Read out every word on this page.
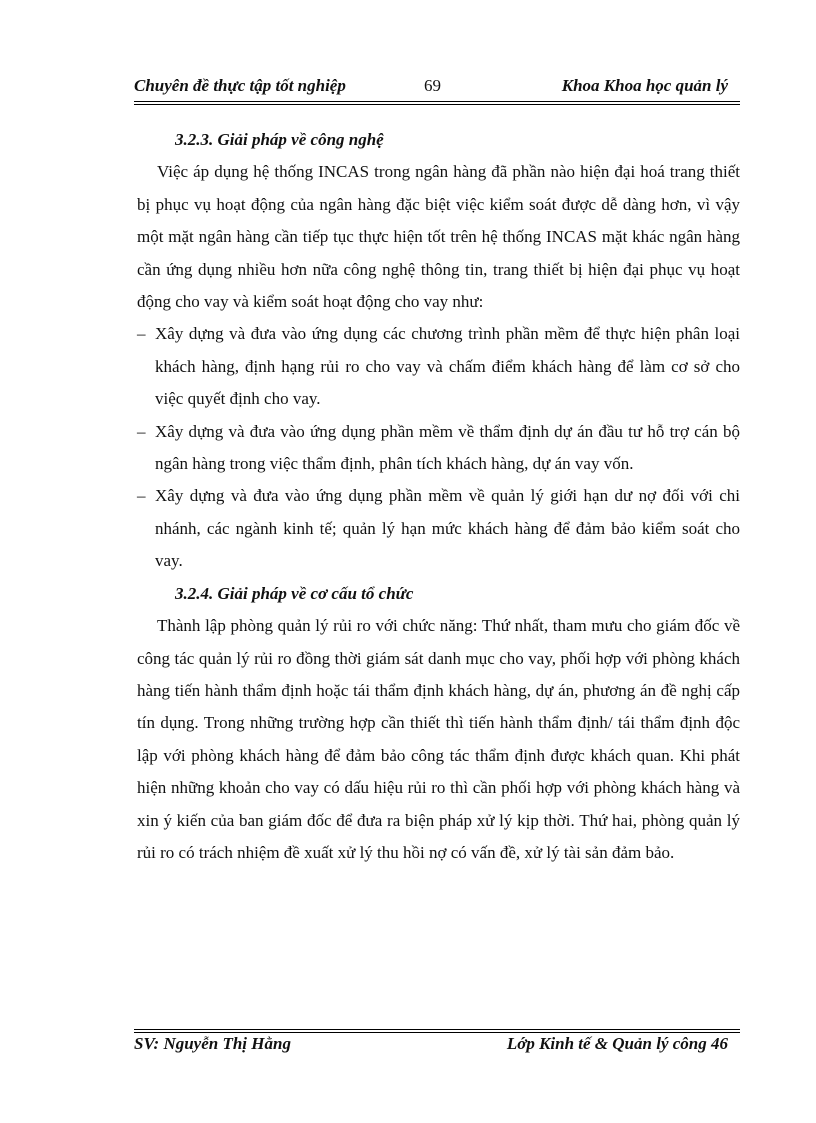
Chuyên đề thực tập tốt nghiệp	69	Khoa Khoa học quản lý

3.2.3. Giải pháp về công nghệ

Việc áp dụng hệ thống INCAS trong ngân hàng đã phần nào hiện đại hoá trang thiết bị phục vụ hoạt động của ngân hàng đặc biệt việc kiểm soát được dễ dàng hơn, vì vậy một mặt ngân hàng cần tiếp tục thực hiện tốt trên hệ thống INCAS mặt khác ngân hàng cần ứng dụng nhiều hơn nữa công nghệ thông tin, trang thiết bị hiện đại phục vụ hoạt động cho vay và kiểm soát hoạt động cho vay như:

– Xây dựng và đưa vào ứng dụng các chương trình phần mềm để thực hiện phân loại khách hàng, định hạng rủi ro cho vay và chấm điểm khách hàng để làm cơ sở cho việc quyết định cho vay.

– Xây dựng và đưa vào ứng dụng phần mềm về thẩm định dự án đầu tư hỗ trợ cán bộ ngân hàng trong việc thẩm định, phân tích khách hàng, dự án vay vốn.

– Xây dựng và đưa vào ứng dụng phần mềm về quản lý giới hạn dư nợ đối với chi nhánh, các ngành kinh tế; quản lý hạn mức khách hàng để đảm bảo kiểm soát cho vay.

3.2.4. Giải pháp về cơ cấu tổ chức

Thành lập phòng quản lý rủi ro với chức năng: Thứ nhất, tham mưu cho giám đốc về công tác quản lý rủi ro đồng thời giám sát danh mục cho vay, phối hợp với phòng khách hàng tiến hành thẩm định hoặc tái thẩm định khách hàng, dự án, phương án đề nghị cấp tín dụng. Trong những trường hợp cần thiết thì tiến hành thẩm định/ tái thẩm định độc lập với phòng khách hàng để đảm bảo công tác thẩm định được khách quan. Khi phát hiện những khoản cho vay có dấu hiệu rủi ro thì cần phối hợp với phòng khách hàng và xin ý kiến của ban giám đốc để đưa ra biện pháp xử lý kịp thời. Thứ hai, phòng quản lý rủi ro có trách nhiệm đề xuất xử lý thu hồi nợ có vấn đề, xử lý tài sản đảm bảo.

SV: Nguyễn Thị Hằng	Lớp Kinh tế & Quản lý công 46
